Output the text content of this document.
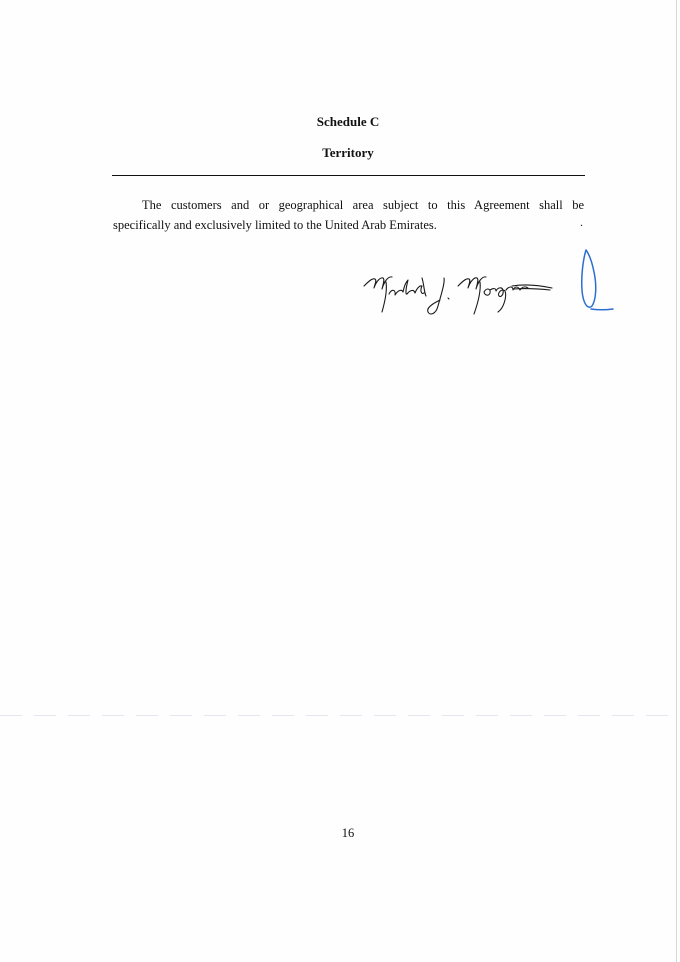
Schedule C
Territory
The customers and or geographical area subject to this Agreement shall be
specifically and exclusively limited to the United Arab Emirates.	.
16
